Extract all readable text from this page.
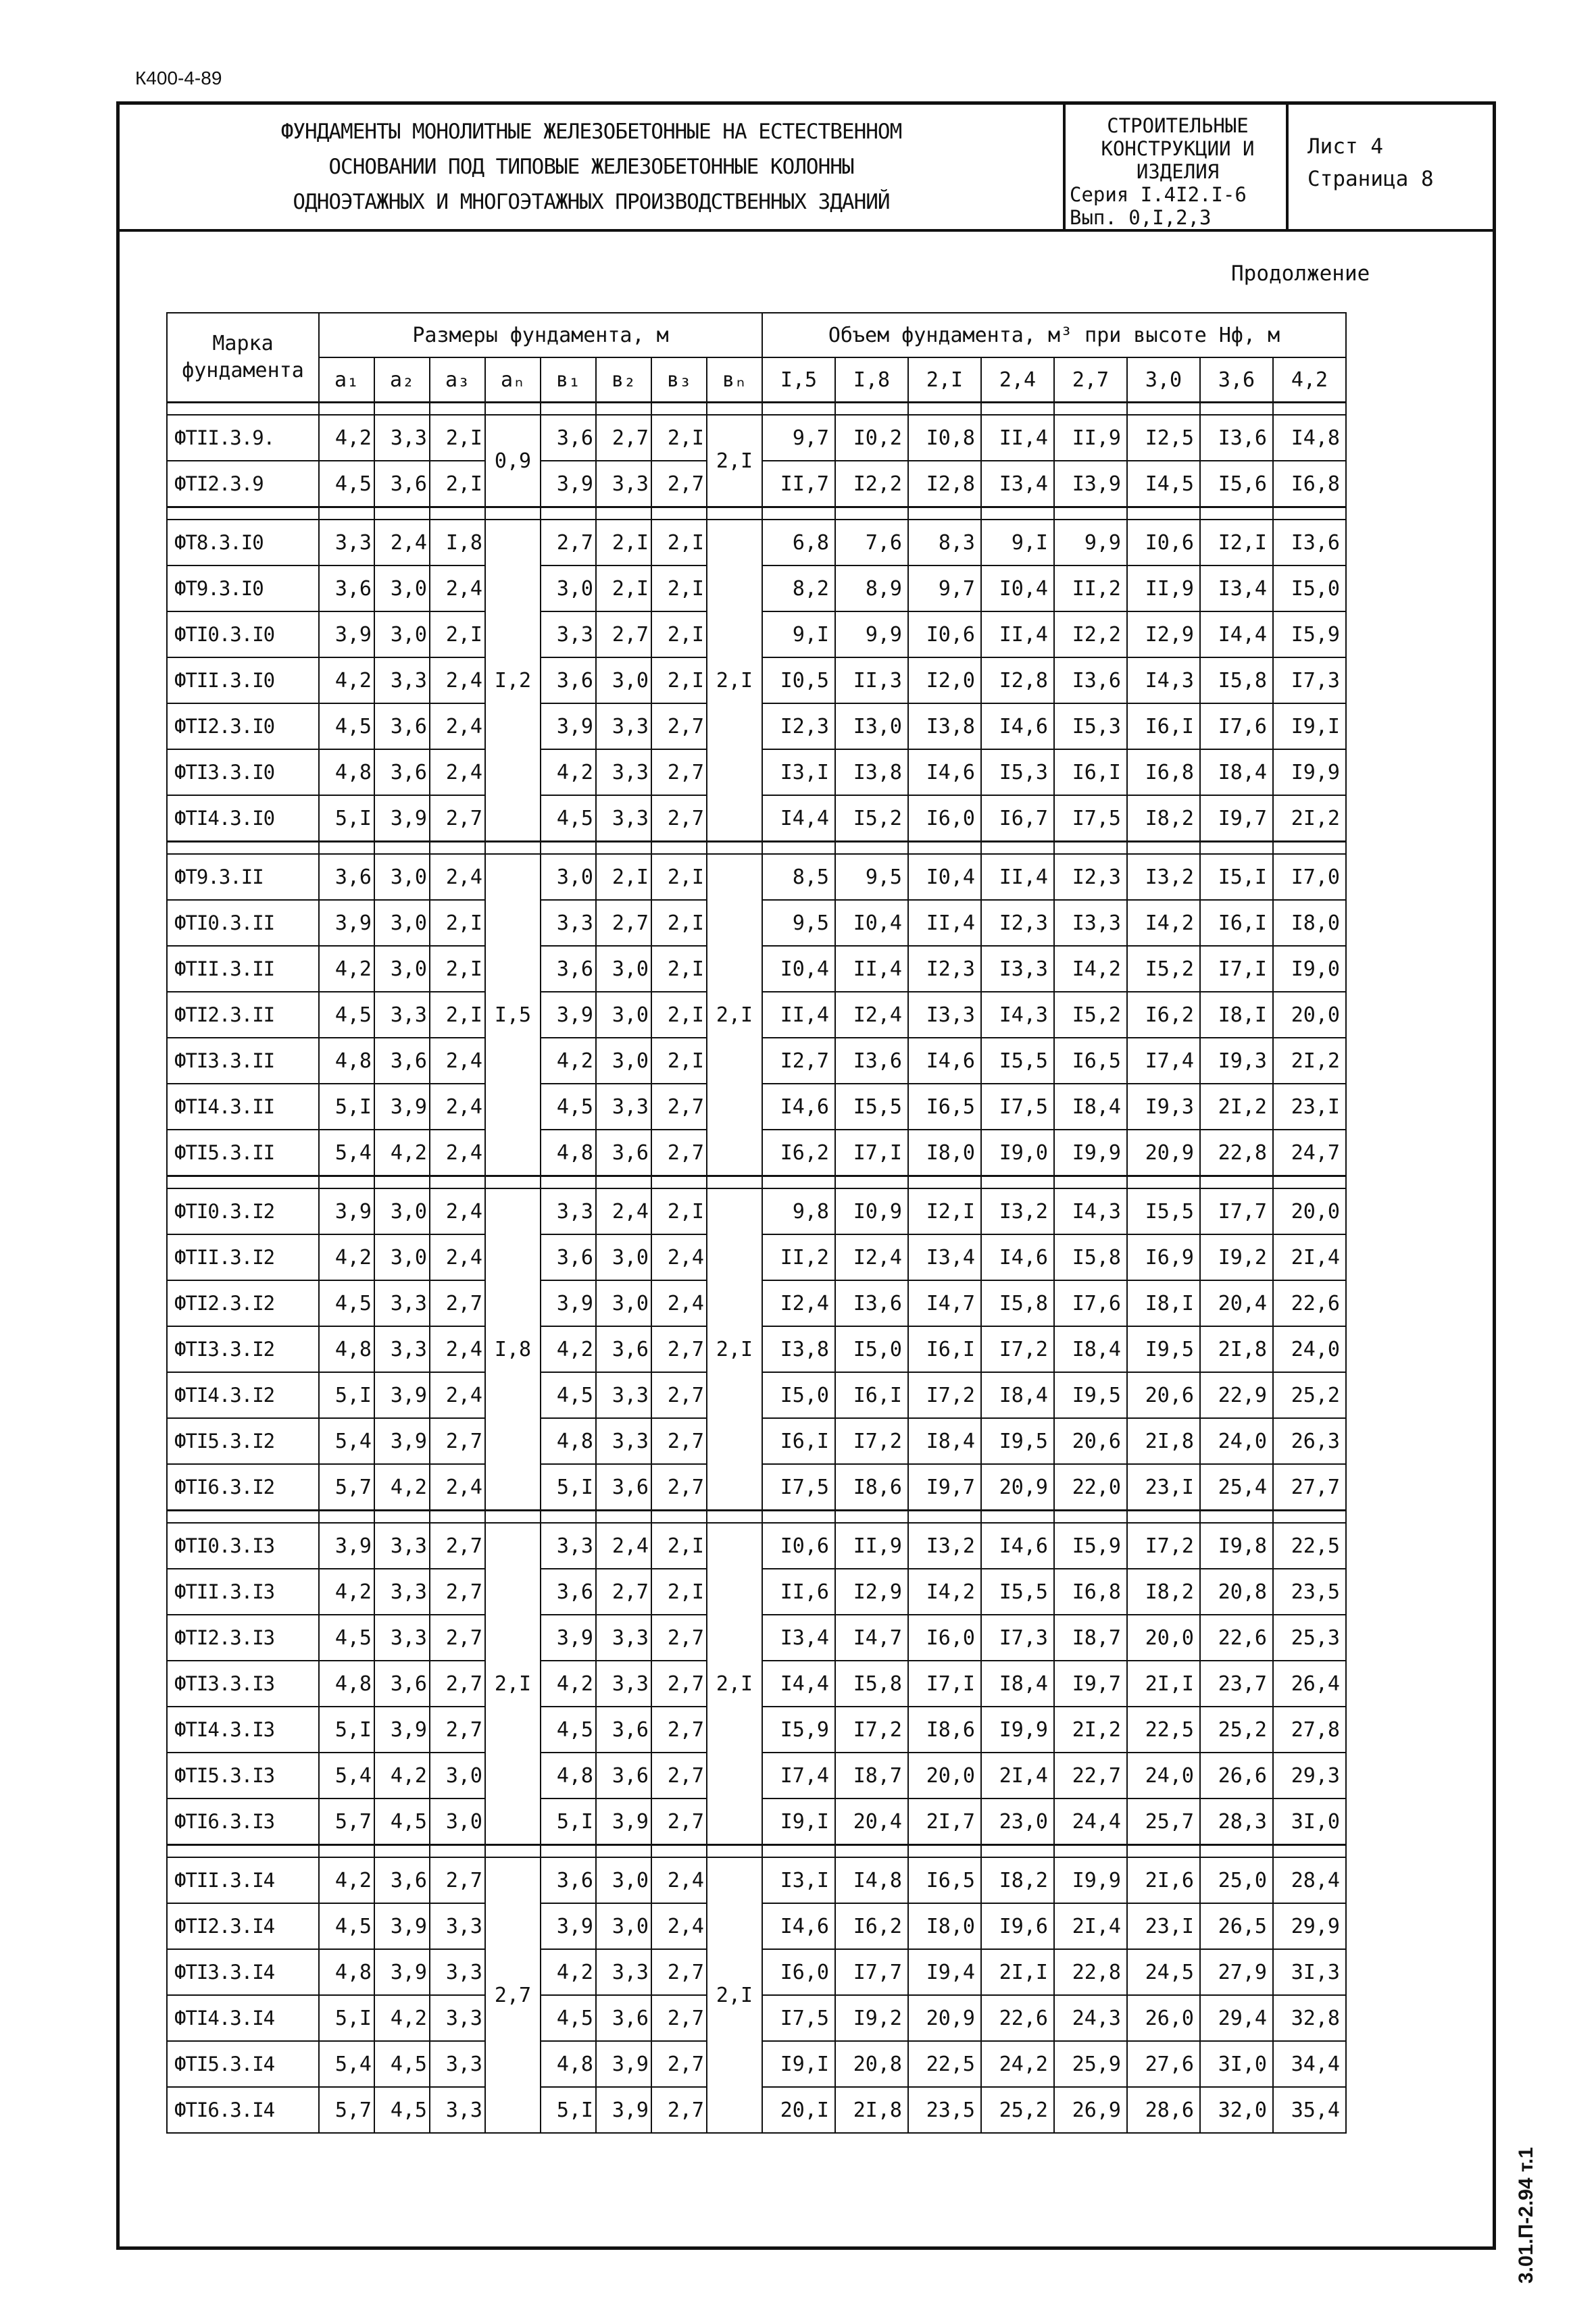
К400-4-89
ФУНДАМЕНТЫ МОНОЛИТНЫЕ ЖЕЛЕЗОБЕТОННЫЕ НА ЕСТЕСТВЕННОМ
ОСНОВАНИИ ПОД ТИПОВЫЕ ЖЕЛЕЗОБЕТОННЫЕ КОЛОННЫ
ОДНОЭТАЖНЫХ И МНОГОЭТАЖНЫХ ПРОИЗВОДСТВЕННЫХ ЗДАНИЙ
СТРОИТЕЛЬНЫЕ
КОНСТРУКЦИИ И
ИЗДЕЛИЯ
Серия I.4I2.I-6
Вып. 0,I,2,3
Лист 4
Страница 8
Продолжение
Марка фундамента	Размеры фундамента, м								Объем фундамента, м³ при высоте Нф, м							
	а₁	а₂	а₃	аₙ	в₁	в₂	в₃	вₙ	I,5	I,8	2,I	2,4	2,7	3,0	3,6	4,2

ФТII.3.9.	4,2	3,3	2,I	0,9	3,6	2,7	2,I	2,I	9,7	I0,2	I0,8	II,4	II,9	I2,5	I3,6	I4,8
ФТI2.3.9	4,5	3,6	2,I		3,9	3,3	2,7		II,7	I2,2	I2,8	I3,4	I3,9	I4,5	I5,6	I6,8

ФТ8.3.I0	3,3	2,4	I,8	I,2	2,7	2,I	2,I	2,I	6,8	7,6	8,3	9,I	9,9	I0,6	I2,I	I3,6
ФТ9.3.I0	3,6	3,0	2,4		3,0	2,I	2,I		8,2	8,9	9,7	I0,4	II,2	II,9	I3,4	I5,0
ФТI0.3.I0	3,9	3,0	2,I		3,3	2,7	2,I		9,I	9,9	I0,6	II,4	I2,2	I2,9	I4,4	I5,9
ФТII.3.I0	4,2	3,3	2,4		3,6	3,0	2,I		I0,5	II,3	I2,0	I2,8	I3,6	I4,3	I5,8	I7,3
ФТI2.3.I0	4,5	3,6	2,4		3,9	3,3	2,7		I2,3	I3,0	I3,8	I4,6	I5,3	I6,I	I7,6	I9,I
ФТI3.3.I0	4,8	3,6	2,4		4,2	3,3	2,7		I3,I	I3,8	I4,6	I5,3	I6,I	I6,8	I8,4	I9,9
ФТI4.3.I0	5,I	3,9	2,7		4,5	3,3	2,7		I4,4	I5,2	I6,0	I6,7	I7,5	I8,2	I9,7	2I,2

ФТ9.3.II	3,6	3,0	2,4	I,5	3,0	2,I	2,I	2,I	8,5	9,5	I0,4	II,4	I2,3	I3,2	I5,I	I7,0
ФТI0.3.II	3,9	3,0	2,I		3,3	2,7	2,I		9,5	I0,4	II,4	I2,3	I3,3	I4,2	I6,I	I8,0
ФТII.3.II	4,2	3,0	2,I		3,6	3,0	2,I		I0,4	II,4	I2,3	I3,3	I4,2	I5,2	I7,I	I9,0
ФТI2.3.II	4,5	3,3	2,I		3,9	3,0	2,I		II,4	I2,4	I3,3	I4,3	I5,2	I6,2	I8,I	20,0
ФТI3.3.II	4,8	3,6	2,4		4,2	3,0	2,I		I2,7	I3,6	I4,6	I5,5	I6,5	I7,4	I9,3	2I,2
ФТI4.3.II	5,I	3,9	2,4		4,5	3,3	2,7		I4,6	I5,5	I6,5	I7,5	I8,4	I9,3	2I,2	23,I
ФТI5.3.II	5,4	4,2	2,4		4,8	3,6	2,7		I6,2	I7,I	I8,0	I9,0	I9,9	20,9	22,8	24,7

ФТI0.3.I2	3,9	3,0	2,4	I,8	3,3	2,4	2,I	2,I	9,8	I0,9	I2,I	I3,2	I4,3	I5,5	I7,7	20,0
ФТII.3.I2	4,2	3,0	2,4		3,6	3,0	2,4		II,2	I2,4	I3,4	I4,6	I5,8	I6,9	I9,2	2I,4
ФТI2.3.I2	4,5	3,3	2,7		3,9	3,0	2,4		I2,4	I3,6	I4,7	I5,8	I7,6	I8,I	20,4	22,6
ФТI3.3.I2	4,8	3,3	2,4		4,2	3,6	2,7		I3,8	I5,0	I6,I	I7,2	I8,4	I9,5	2I,8	24,0
ФТI4.3.I2	5,I	3,9	2,4		4,5	3,3	2,7		I5,0	I6,I	I7,2	I8,4	I9,5	20,6	22,9	25,2
ФТI5.3.I2	5,4	3,9	2,7		4,8	3,3	2,7		I6,I	I7,2	I8,4	I9,5	20,6	2I,8	24,0	26,3
ФТI6.3.I2	5,7	4,2	2,4		5,I	3,6	2,7		I7,5	I8,6	I9,7	20,9	22,0	23,I	25,4	27,7

ФТI0.3.I3	3,9	3,3	2,7	2,I	3,3	2,4	2,I	2,I	I0,6	II,9	I3,2	I4,6	I5,9	I7,2	I9,8	22,5
ФТII.3.I3	4,2	3,3	2,7		3,6	2,7	2,I		II,6	I2,9	I4,2	I5,5	I6,8	I8,2	20,8	23,5
ФТI2.3.I3	4,5	3,3	2,7		3,9	3,3	2,7		I3,4	I4,7	I6,0	I7,3	I8,7	20,0	22,6	25,3
ФТI3.3.I3	4,8	3,6	2,7		4,2	3,3	2,7		I4,4	I5,8	I7,I	I8,4	I9,7	2I,I	23,7	26,4
ФТI4.3.I3	5,I	3,9	2,7		4,5	3,6	2,7		I5,9	I7,2	I8,6	I9,9	2I,2	22,5	25,2	27,8
ФТI5.3.I3	5,4	4,2	3,0		4,8	3,6	2,7		I7,4	I8,7	20,0	2I,4	22,7	24,0	26,6	29,3
ФТI6.3.I3	5,7	4,5	3,0		5,I	3,9	2,7		I9,I	20,4	2I,7	23,0	24,4	25,7	28,3	3I,0

ФТII.3.I4	4,2	3,6	2,7	2,7	3,6	3,0	2,4	2,I	I3,I	I4,8	I6,5	I8,2	I9,9	2I,6	25,0	28,4
ФТI2.3.I4	4,5	3,9	3,3		3,9	3,0	2,4		I4,6	I6,2	I8,0	I9,6	2I,4	23,I	26,5	29,9
ФТI3.3.I4	4,8	3,9	3,3		4,2	3,3	2,7		I6,0	I7,7	I9,4	2I,I	22,8	24,5	27,9	3I,3
ФТI4.3.I4	5,I	4,2	3,3		4,5	3,6	2,7		I7,5	I9,2	20,9	22,6	24,3	26,0	29,4	32,8
ФТI5.3.I4	5,4	4,5	3,3		4,8	3,9	2,7		I9,I	20,8	22,5	24,2	25,9	27,6	3I,0	34,4
ФТI6.3.I4	5,7	4,5	3,3		5,I	3,9	2,7		20,I	2I,8	23,5	25,2	26,9	28,6	32,0	35,4
3.01.П-2.94 т.1
